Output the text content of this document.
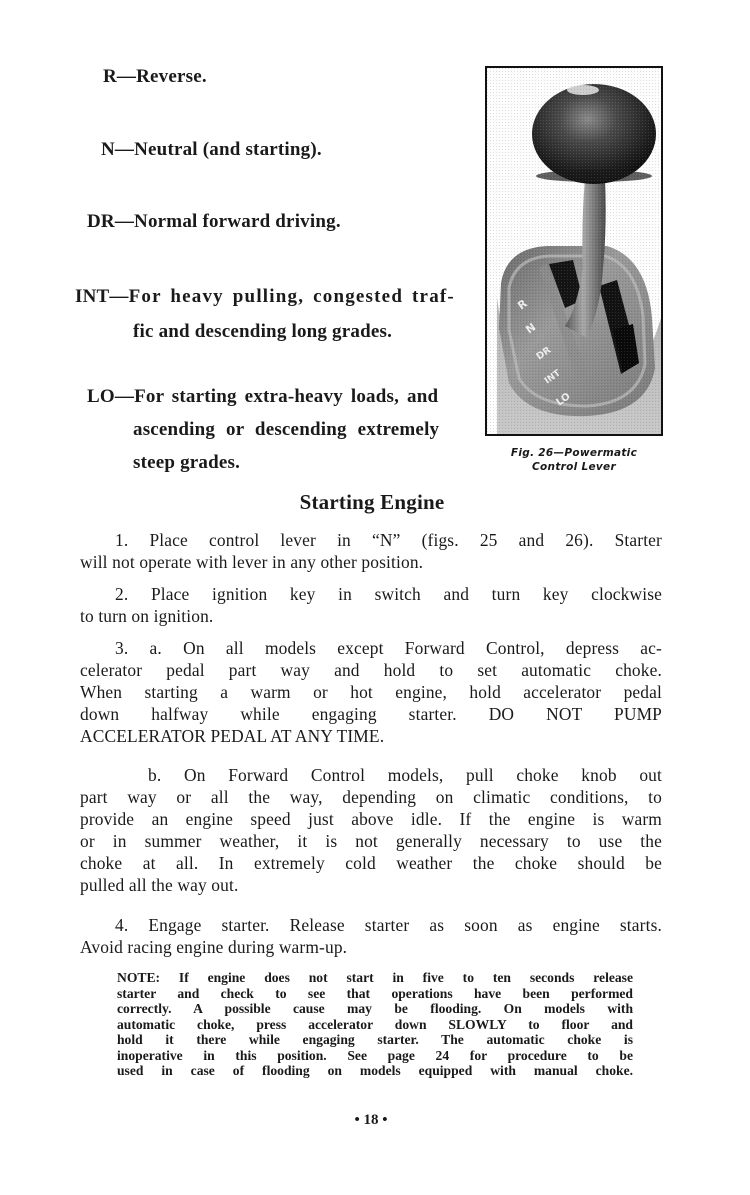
R—Reverse.
N—Neutral (and starting).
DR—Normal forward driving.
INT—For heavy pulling, congested traf-
fic and descending long grades.
LO—For starting extra-heavy loads, and
ascending or descending extremely
steep grades.	Fig. 26—Powermatic
Control Lever
Starting Engine
1. Place control lever in “N” (figs. 25 and 26). Starter
will not operate with lever in any other position.
2. Place ignition key in switch and turn key clockwise
to turn on ignition.
3. a. On all models except Forward Control, depress ac-
celerator pedal part way and hold to set automatic choke.
When starting a warm or hot engine, hold accelerator pedal
down halfway while engaging starter. DO NOT PUMP
ACCELERATOR PEDAL AT ANY TIME.
b. On Forward Control models, pull choke knob out
part way or all the way, depending on climatic conditions, to
provide an engine speed just above idle. If the engine is warm
or in summer weather, it is not generally necessary to use the
choke at all. In extremely cold weather the choke should be
pulled all the way out.
4. Engage starter. Release starter as soon as engine starts.
Avoid racing engine during warm-up.
NOTE: If engine does not start in five to ten seconds release
starter and check to see that operations have been performed
correctly. A possible cause may be flooding. On models with
automatic choke, press accelerator down SLOWLY to floor and
hold it there while engaging starter. The automatic choke is
inoperative in this position. See page 24 for procedure to be
used in case of flooding on models equipped with manual choke.
• 18 •
